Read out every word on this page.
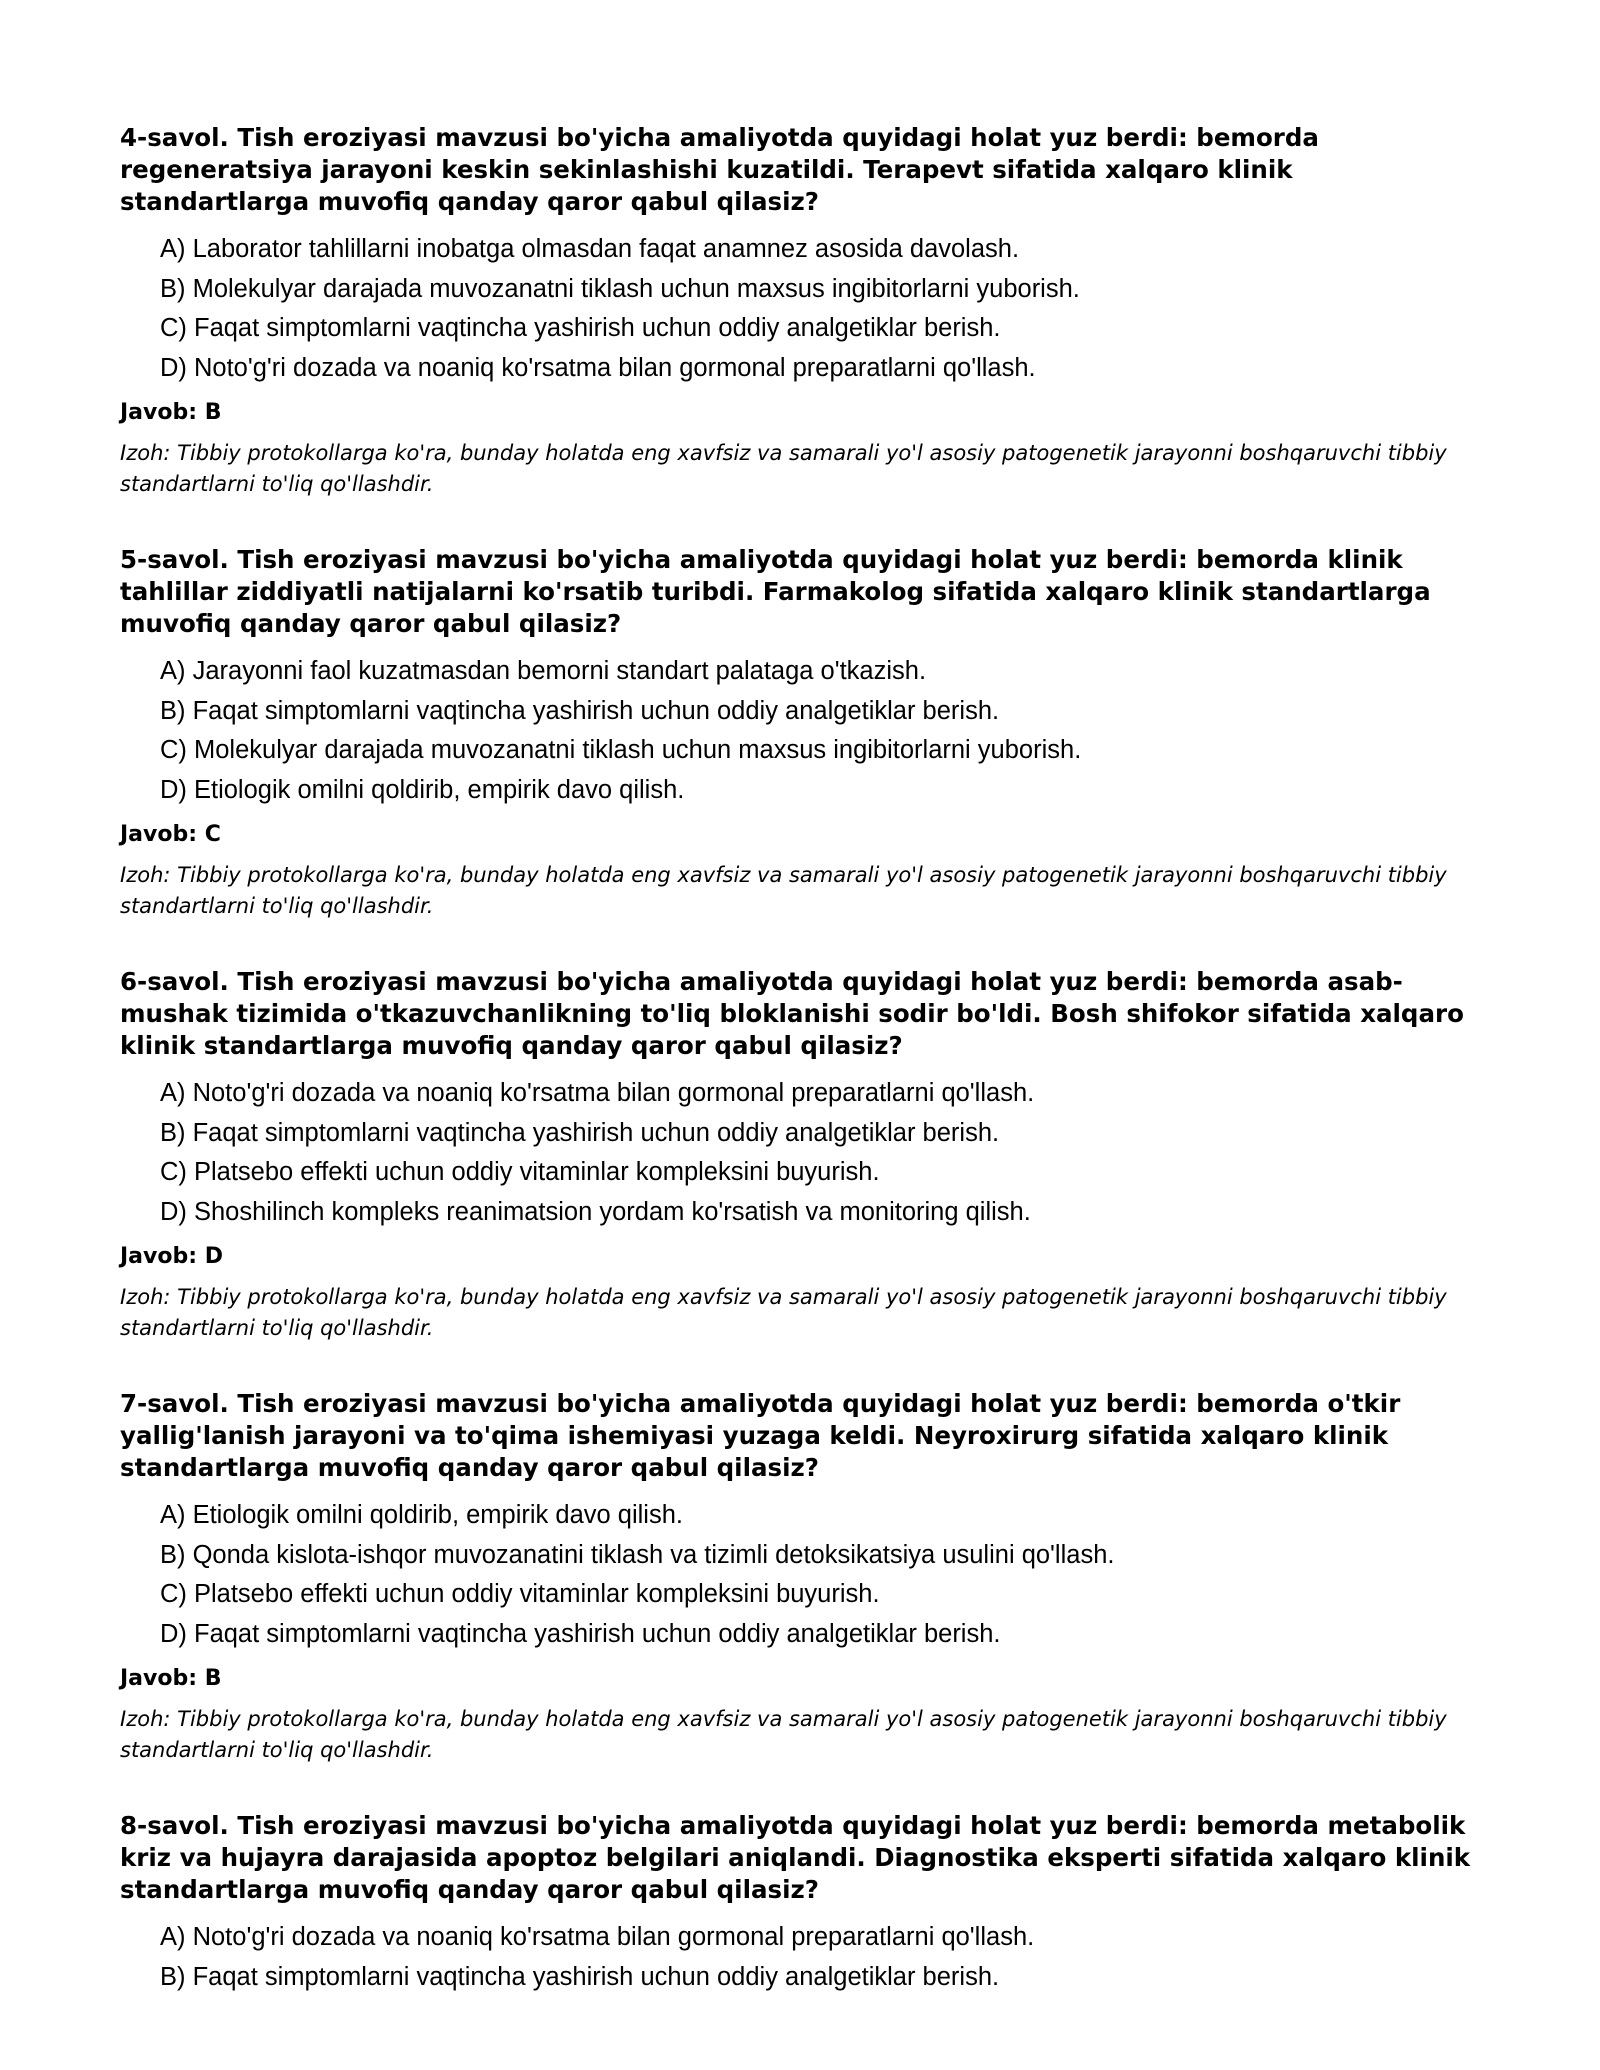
4-savol. Tish eroziyasi mavzusi bo'yicha amaliyotda quyidagi holat yuz berdi: bemorda regeneratsiya jarayoni keskin sekinlashishi kuzatildi. Terapevt sifatida xalqaro klinik standartlarga muvofiq qanday qaror qabul qilasiz?
A) Laborator tahlillarni inobatga olmasdan faqat anamnez asosida davolash.
B) Molekulyar darajada muvozanatni tiklash uchun maxsus ingibitorlarni yuborish.
C) Faqat simptomlarni vaqtincha yashirish uchun oddiy analgetiklar berish.
D) Noto'g'ri dozada va noaniq ko'rsatma bilan gormonal preparatlarni qo'llash.
Javob: B

Izoh: Tibbiy protokollarga ko'ra, bunday holatda eng xavfsiz va samarali yo'l asosiy patogenetik jarayonni boshqaruvchi tibbiy standartlarni to'liq qo'llashdir.

5-savol. Tish eroziyasi mavzusi bo'yicha amaliyotda quyidagi holat yuz berdi: bemorda klinik tahlillar ziddiyatli natijalarni ko'rsatib turibdi. Farmakolog sifatida xalqaro klinik standartlarga muvofiq qanday qaror qabul qilasiz?
A) Jarayonni faol kuzatmasdan bemorni standart palataga o'tkazish.
B) Faqat simptomlarni vaqtincha yashirish uchun oddiy analgetiklar berish.
C) Molekulyar darajada muvozanatni tiklash uchun maxsus ingibitorlarni yuborish.
D) Etiologik omilni qoldirib, empirik davo qilish.
Javob: C

Izoh: Tibbiy protokollarga ko'ra, bunday holatda eng xavfsiz va samarali yo'l asosiy patogenetik jarayonni boshqaruvchi tibbiy standartlarni to'liq qo'llashdir.

6-savol. Tish eroziyasi mavzusi bo'yicha amaliyotda quyidagi holat yuz berdi: bemorda asab-mushak tizimida o'tkazuvchanlikning to'liq bloklanishi sodir bo'ldi. Bosh shifokor sifatida xalqaro klinik standartlarga muvofiq qanday qaror qabul qilasiz?
A) Noto'g'ri dozada va noaniq ko'rsatma bilan gormonal preparatlarni qo'llash.
B) Faqat simptomlarni vaqtincha yashirish uchun oddiy analgetiklar berish.
C) Platsebo effekti uchun oddiy vitaminlar kompleksini buyurish.
D) Shoshilinch kompleks reanimatsion yordam ko'rsatish va monitoring qilish.
Javob: D

Izoh: Tibbiy protokollarga ko'ra, bunday holatda eng xavfsiz va samarali yo'l asosiy patogenetik jarayonni boshqaruvchi tibbiy standartlarni to'liq qo'llashdir.

7-savol. Tish eroziyasi mavzusi bo'yicha amaliyotda quyidagi holat yuz berdi: bemorda o'tkir yallig'lanish jarayoni va to'qima ishemiyasi yuzaga keldi. Neyroxirurg sifatida xalqaro klinik standartlarga muvofiq qanday qaror qabul qilasiz?
A) Etiologik omilni qoldirib, empirik davo qilish.
B) Qonda kislota-ishqor muvozanatini tiklash va tizimli detoksikatsiya usulini qo'llash.
C) Platsebo effekti uchun oddiy vitaminlar kompleksini buyurish.
D) Faqat simptomlarni vaqtincha yashirish uchun oddiy analgetiklar berish.
Javob: B

Izoh: Tibbiy protokollarga ko'ra, bunday holatda eng xavfsiz va samarali yo'l asosiy patogenetik jarayonni boshqaruvchi tibbiy standartlarni to'liq qo'llashdir.

8-savol. Tish eroziyasi mavzusi bo'yicha amaliyotda quyidagi holat yuz berdi: bemorda metabolik kriz va hujayra darajasida apoptoz belgilari aniqlandi. Diagnostika eksperti sifatida xalqaro klinik standartlarga muvofiq qanday qaror qabul qilasiz?
A) Noto'g'ri dozada va noaniq ko'rsatma bilan gormonal preparatlarni qo'llash.
B) Faqat simptomlarni vaqtincha yashirish uchun oddiy analgetiklar berish.
